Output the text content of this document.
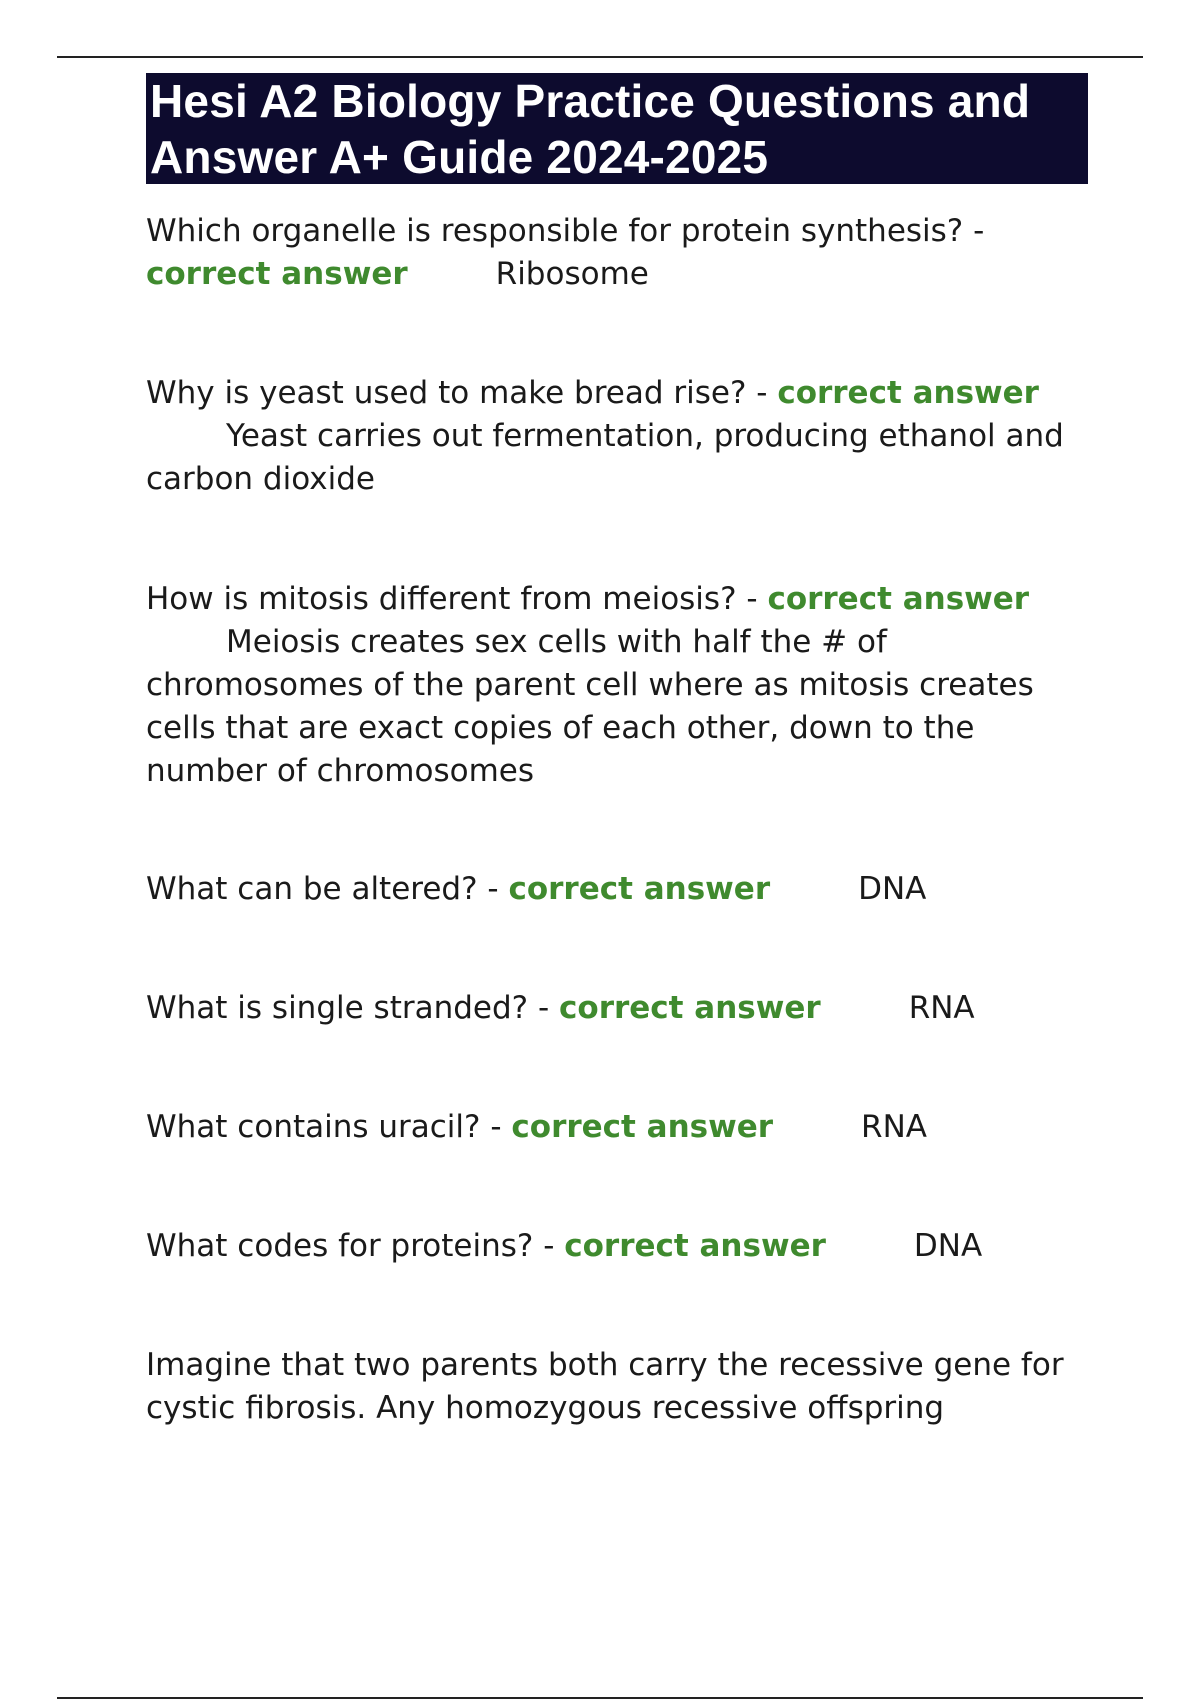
Hesi A2 Biology Practice Questions and Answer A+ Guide 2024-2025

Which organelle is responsible for protein synthesis? - correct answer	Ribosome

Why is yeast used to make bread rise? - correct answer Yeast carries out fermentation, producing ethanol and carbon dioxide

How is mitosis different from meiosis? - correct answer Meiosis creates sex cells with half the # of chromosomes of the parent cell where as mitosis creates cells that are exact copies of each other, down to the number of chromosomes

What can be altered? - correct answer	DNA

What is single stranded? - correct answer	RNA

What contains uracil? - correct answer	RNA

What codes for proteins? - correct answer	DNA

Imagine that two parents both carry the recessive gene for cystic fibrosis. Any homozygous recessive offspring
